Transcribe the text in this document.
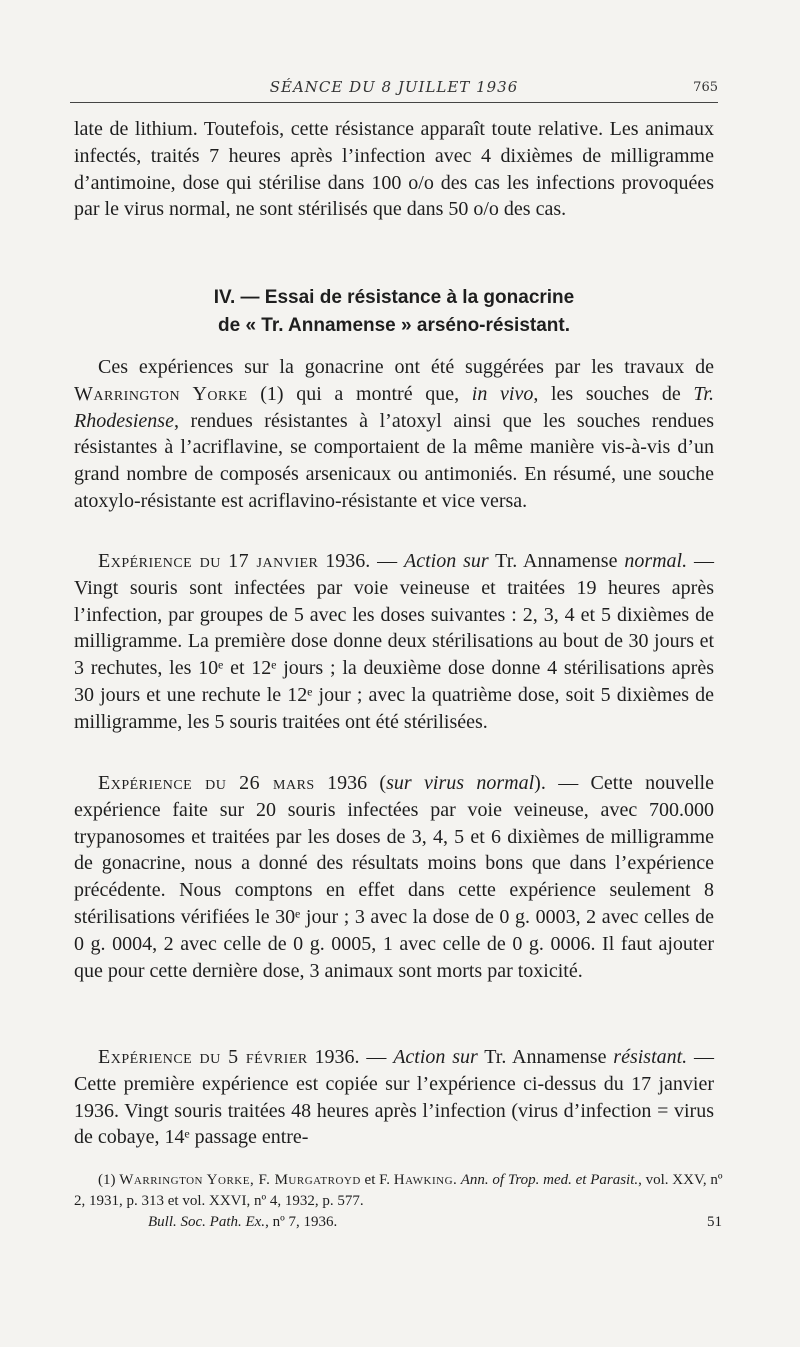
SÉANCE DU 8 JUILLET 1936	765

late de lithium. Toutefois, cette résistance apparaît toute relative. Les animaux infectés, traités 7 heures après l’infection avec 4 dixièmes de milligramme d’antimoine, dose qui stérilise dans 100 o/o des cas les infections provoquées par le virus normal, ne sont stérilisés que dans 50 o/o des cas.

IV. — Essai de résistance à la gonacrine
de « Tr. Annamense » arséno-résistant.

Ces expériences sur la gonacrine ont été suggérées par les travaux de Warrington Yorke (1) qui a montré que, in vivo, les souches de Tr. Rhodesiense, rendues résistantes à l’atoxyl ainsi que les souches rendues résistantes à l’acriflavine, se comportaient de la même manière vis-à-vis d’un grand nombre de composés arsenicaux ou antimoniés. En résumé, une souche atoxylo-résistante est acriflavino-résistante et vice versa.

Expérience du 17 janvier 1936. — Action sur Tr. Annamense normal. — Vingt souris sont infectées par voie veineuse et traitées 19 heures après l’infection, par groupes de 5 avec les doses suivantes : 2, 3, 4 et 5 dixièmes de milligramme. La première dose donne deux stérilisations au bout de 30 jours et 3 rechutes, les 10ᵉ et 12ᵉ jours ; la deuxième dose donne 4 stérilisations après 30 jours et une rechute le 12ᵉ jour ; avec la quatrième dose, soit 5 dixièmes de milligramme, les 5 souris traitées ont été stérilisées.

Expérience du 26 mars 1936 (sur virus normal). — Cette nouvelle expérience faite sur 20 souris infectées par voie veineuse, avec 700.000 trypanosomes et traitées par les doses de 3, 4, 5 et 6 dixièmes de milligramme de gonacrine, nous a donné des résultats moins bons que dans l’expérience précédente. Nous comptons en effet dans cette expérience seulement 8 stérilisations vérifiées le 30ᵉ jour ; 3 avec la dose de 0 g. 0003, 2 avec celles de 0 g. 0004, 2 avec celle de 0 g. 0005, 1 avec celle de 0 g. 0006. Il faut ajouter que pour cette dernière dose, 3 animaux sont morts par toxicité.

Expérience du 5 février 1936. — Action sur Tr. Annamense résistant. — Cette première expérience est copiée sur l’expérience ci-dessus du 17 janvier 1936. Vingt souris traitées 48 heures après l’infection (virus d’infection = virus de cobaye, 14ᵉ passage entre-

(1) Warrington Yorke, F. Murgatroyd et F. Hawking. Ann. of Trop. med. et Parasit., vol. XXV, nº 2, 1931, p. 313 et vol. XXVI, nº 4, 1932, p. 577.
Bull. Soc. Path. Ex., nº 7, 1936.	51
